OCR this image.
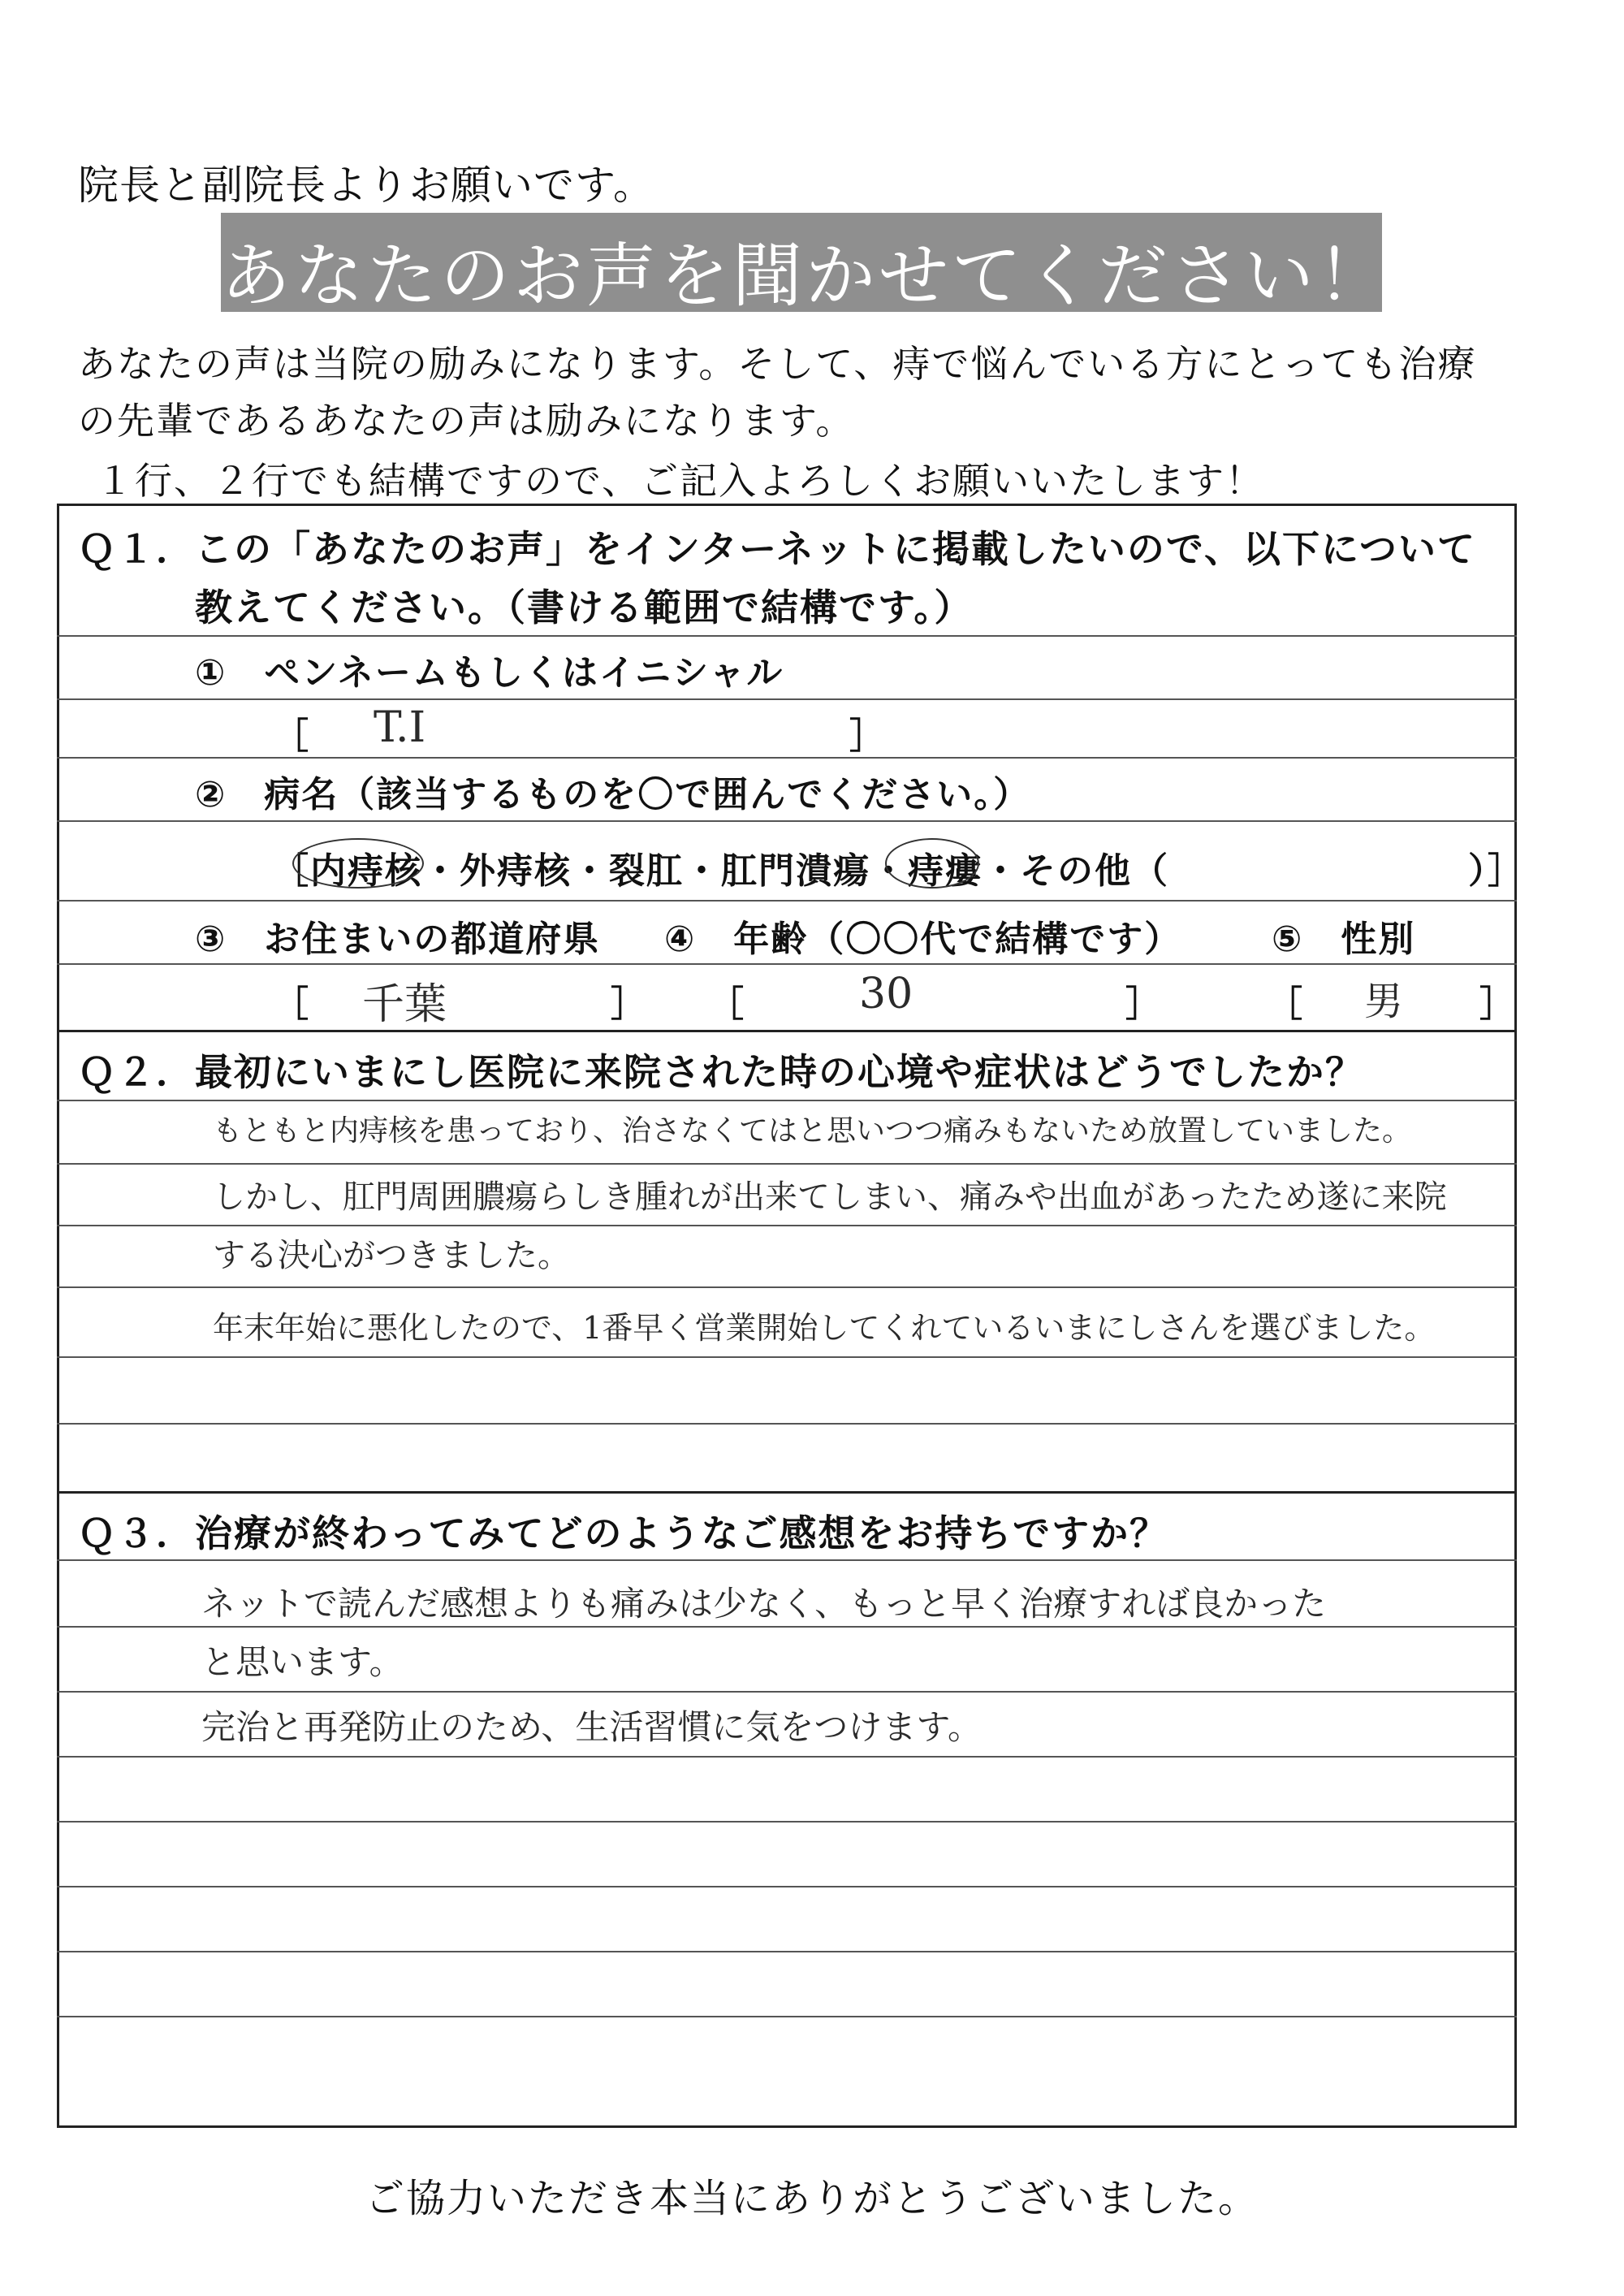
院長と副院長よりお願いです。
あなたのお声を聞かせてください！
あなたの声は当院の励みになります。そして、痔で悩んでいる方にとっても治療
の先輩であるあなたの声は励みになります。
１行、２行でも結構ですので、ご記入よろしくお願いいたします！
Ｑ１．この「あなたのお声」をインターネットに掲載したいので、以下について
教えてください。（書ける範囲で結構です。）
①　ペンネームもしくはイニシャル
［ T.I	］
②　病名（該当するものを〇で囲んでください。）
［内痔核・外痔核・裂肛・肛門潰瘍・痔瘻・その他（	）］
③　お住まいの都道府県 ④　年齢（〇〇代で結構です）	⑤　性別
［ 千葉	］ ［	30	］	［ 男 ］
Ｑ２．最初にいまにし医院に来院された時の心境や症状はどうでしたか？
もともと内痔核を患っており、治さなくてはと思いつつ痛みもないため放置していました。
しかし、肛門周囲膿瘍らしき腫れが出来てしまい、痛みや出血があったため遂に来院
する決心がつきました。
年末年始に悪化したので、1番早く営業開始してくれているいまにしさんを選びました。
Ｑ３．治療が終わってみてどのようなご感想をお持ちですか？
ネットで読んだ感想よりも痛みは少なく、もっと早く治療すれば良かった
と思います。
完治と再発防止のため、生活習慣に気をつけます。
ご協力いただき本当にありがとうございました。
